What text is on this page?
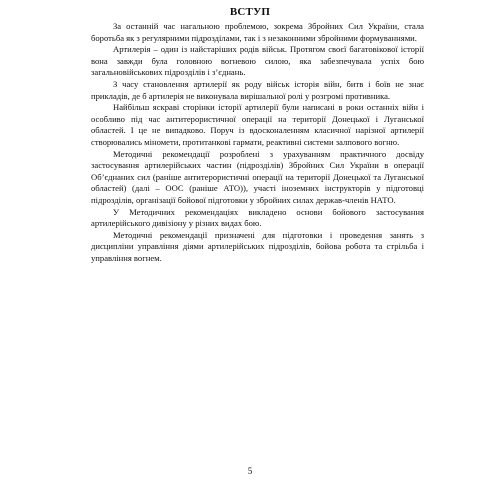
ВСТУП

За останній час нагальною проблемою, зокрема Збройних Сил України, стала боротьба як з регулярними підрозділами, так і з незаконними збройними формуваннями.

Артилерія – один із найстаріших родів військ. Протягом своєї багатовікової історії вона завжди була головною вогневою силою, яка забезпечувала успіх бою загальновійськових підрозділів і з’єднань.

З часу становлення артилерії як роду військ історія війн, битв і боїв не знає прикладів, де б артилерія не виконувала вирішальної ролі у розгромі противника.

Найбільш яскраві сторінки історії артилерії були написані в роки останніх війн і особливо під час антитерористичної операції на території Донецької і Луганської областей. І це не випадково. Поруч із вдосконаленням класичної нарізної артилерії створювались міномети, протитанкові гармати, реактивні системи залпового вогню.

Методичні рекомендації розроблені з урахуванням практичного досвіду застосування артилерійських частин (підрозділів) Збройних Сил України в операції Об’єднаних сил (раніше антитерористичні операції на території Донецької та Луганської областей) (далі – ООС (раніше АТО)), участі іноземних інструкторів у підготовці підрозділів, організації бойової підготовки у збройних силах держав-членів НАТО.

У Методичних рекомендаціях викладено основи бойового застосування артилерійського дивізіону у різних видах бою.

Методичні рекомендації призначені для підготовки і проведення занять з дисципліни управління діями артилерійських підрозділів, бойова робота та стрільба і управління вогнем.

5
